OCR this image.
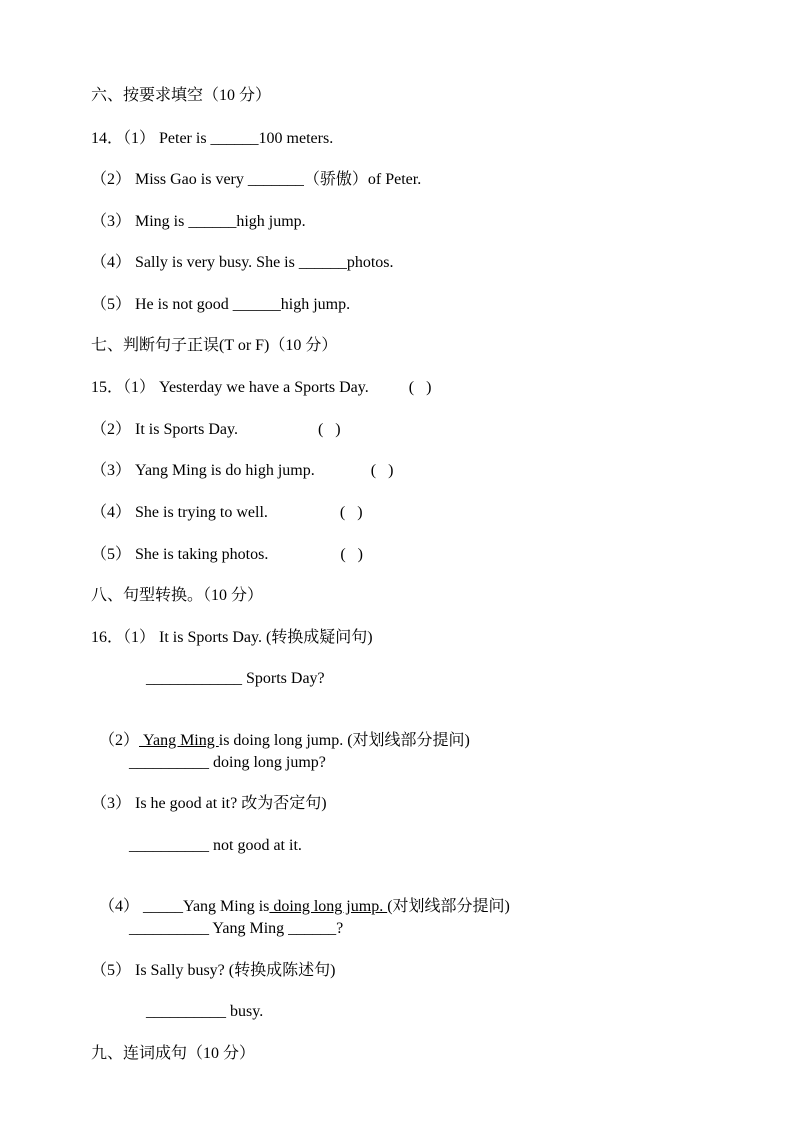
六、按要求填空（10 分）
14．（1） Peter is ______100 meters.
（2） Miss Gao is very _______（骄傲）of Peter.
（3） Ming is ______high jump.
（4） Sally is very busy. She is ______photos.
（5） He is not good ______high jump.
七、判断句子正误(T or F)（10 分）
15．（1） Yesterday we have a Sports Day.          (   )
（2） It is Sports Day.                    (   )
（3） Yang Ming is do high jump.              (   )
（4） She is trying to well.                  (   )
（5） She is taking photos.                  (   )
八、句型转换。（10 分）
16．（1） It is Sports Day. (转换成疑问句)
____________ Sports Day?

（2） Yang Ming is doing long jump. (对划线部分提问)

__________ doing long jump?
（3） Is he good at it? 改为否定句)
__________ not good at it.

（4） _____Yang Ming is doing long jump. (对划线部分提问)

__________ Yang Ming ______?
（5） Is Sally busy? (转换成陈述句)
__________ busy.
九、连词成句（10 分）
